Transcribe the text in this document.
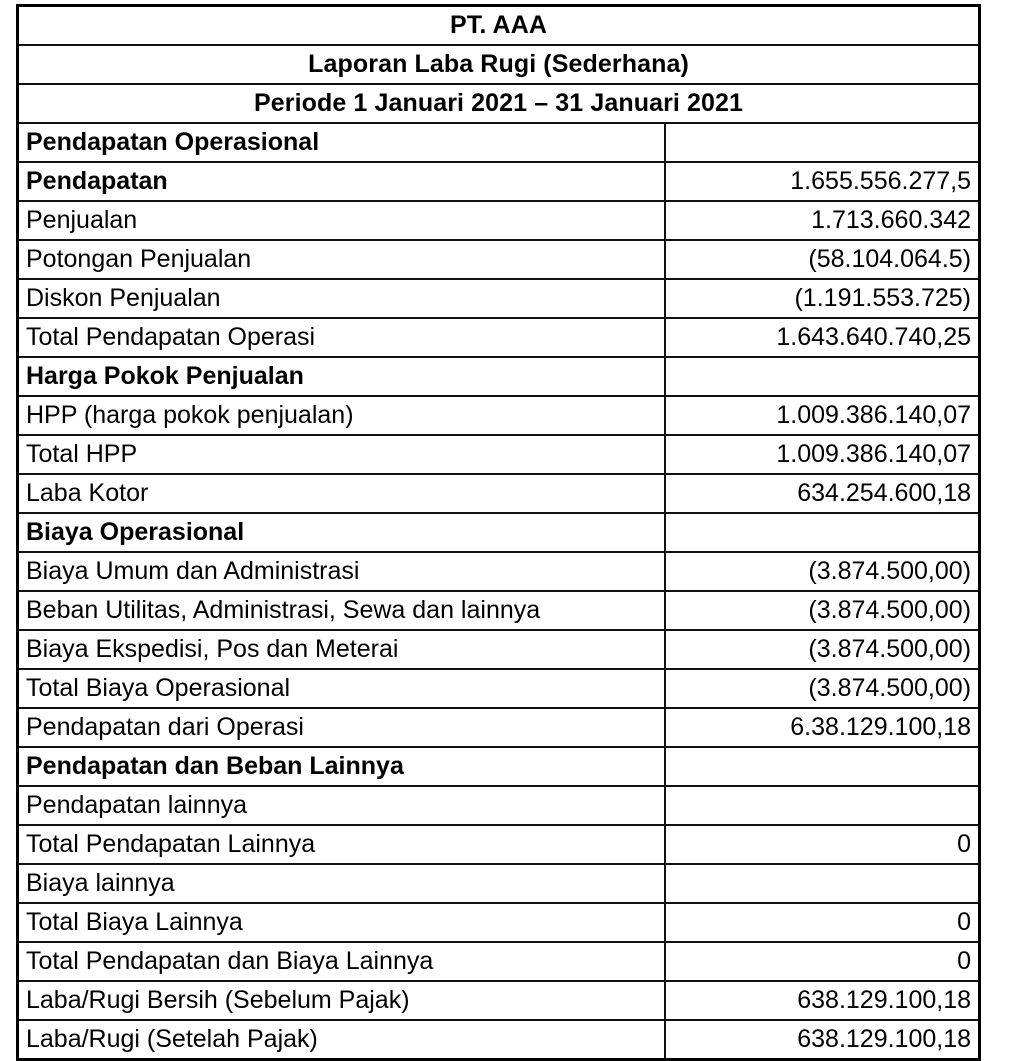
PT. AAA	
Laporan Laba Rugi (Sederhana)	
Periode 1 Januari 2021 – 31 Januari 2021	
Pendapatan Operasional	
Pendapatan	1.655.556.277,5
Penjualan	1.713.660.342
Potongan Penjualan	(58.104.064.5)
Diskon Penjualan	(1.191.553.725)
Total Pendapatan Operasi	1.643.640.740,25
Harga Pokok Penjualan	
HPP (harga pokok penjualan)	1.009.386.140,07
Total HPP	1.009.386.140,07
Laba Kotor	634.254.600,18
Biaya Operasional	
Biaya Umum dan Administrasi	(3.874.500,00)
Beban Utilitas, Administrasi, Sewa dan lainnya	(3.874.500,00)
Biaya Ekspedisi, Pos dan Meterai	(3.874.500,00)
Total Biaya Operasional	(3.874.500,00)
Pendapatan dari Operasi	6.38.129.100,18
Pendapatan dan Beban Lainnya	
Pendapatan lainnya	
Total Pendapatan Lainnya	0
Biaya lainnya	
Total Biaya Lainnya	0
Total Pendapatan dan Biaya Lainnya	0
Laba/Rugi Bersih (Sebelum Pajak)	638.129.100,18
Laba/Rugi (Setelah Pajak)	638.129.100,18
